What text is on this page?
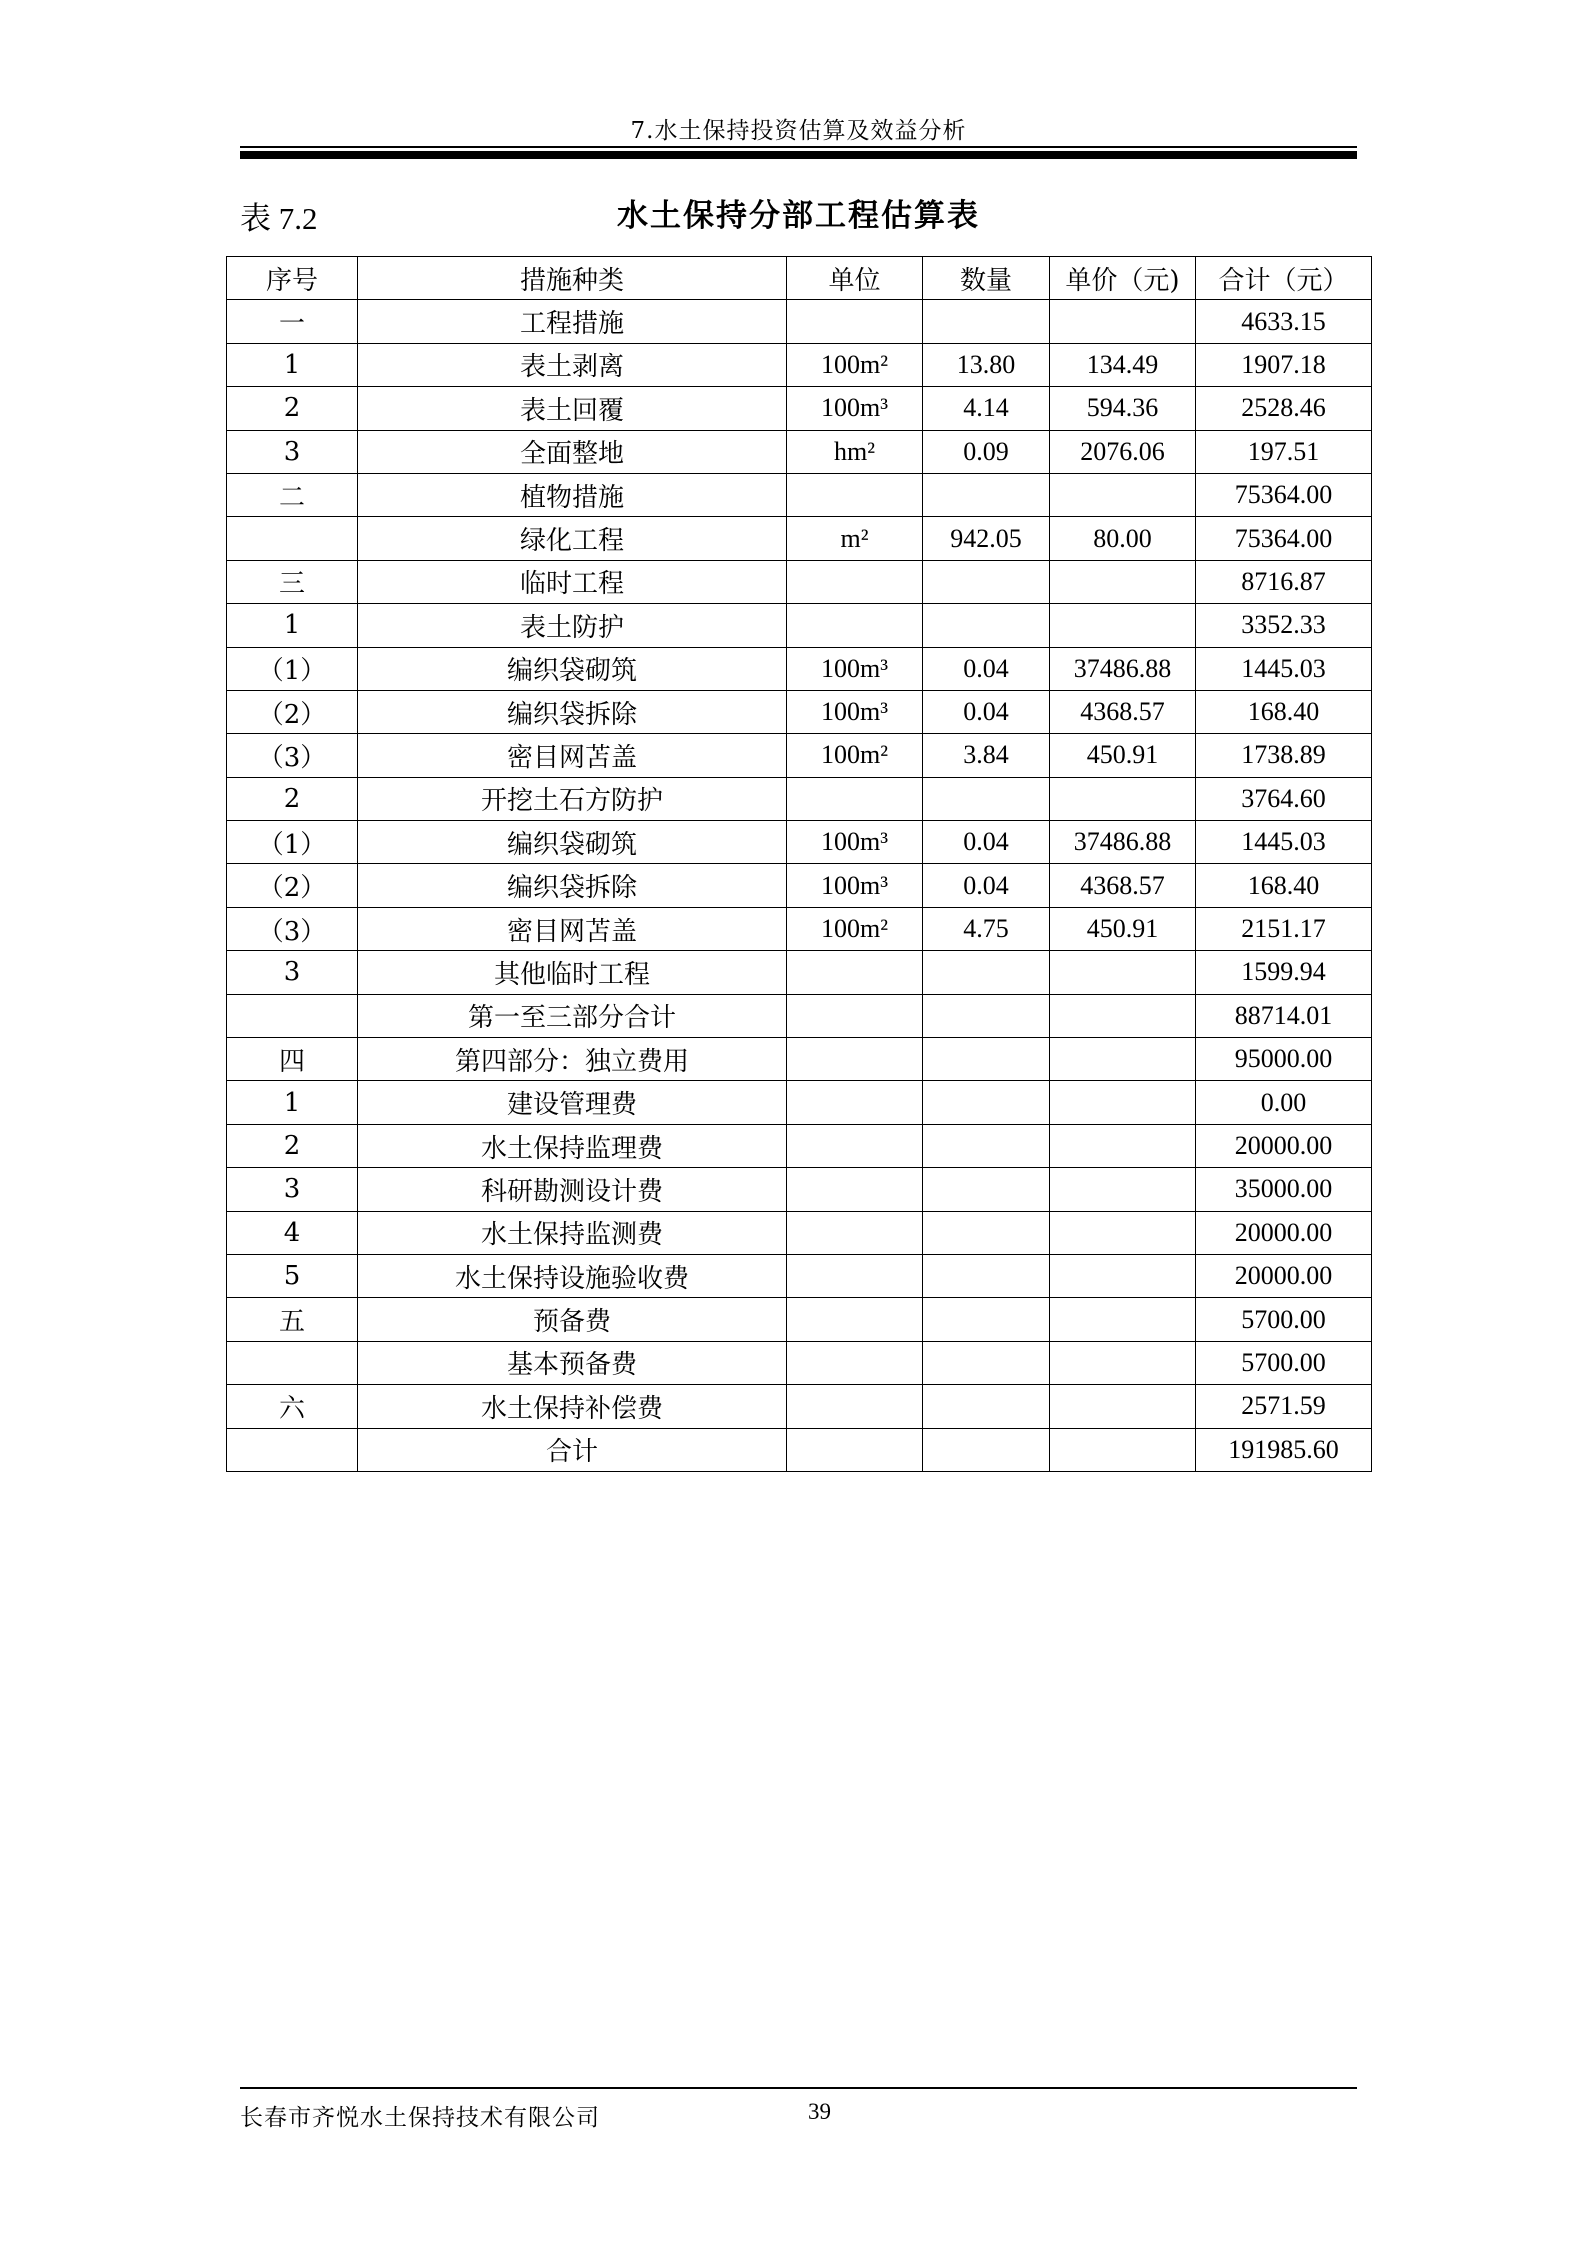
7.水土保持投资估算及效益分析
表 7.2	水土保持分部工程估算表
序号	措施种类	单位	数量	单价（元)	合计（元）
一	工程措施				4633.15
1	表土剥离	100m²	13.80	134.49	1907.18
2	表土回覆	100m³	4.14	594.36	2528.46
3	全面整地	hm²	0.09	2076.06	197.51
二	植物措施				75364.00
	绿化工程	m²	942.05	80.00	75364.00
三	临时工程				8716.87
1	表土防护				3352.33
（1）	编织袋砌筑	100m³	0.04	37486.88	1445.03
（2）	编织袋拆除	100m³	0.04	4368.57	168.40
（3）	密目网苫盖	100m²	3.84	450.91	1738.89
2	开挖土石方防护				3764.60
（1）	编织袋砌筑	100m³	0.04	37486.88	1445.03
（2）	编织袋拆除	100m³	0.04	4368.57	168.40
（3）	密目网苫盖	100m²	4.75	450.91	2151.17
3	其他临时工程				1599.94
	第一至三部分合计				88714.01
四	第四部分：独立费用				95000.00
1	建设管理费				0.00
2	水土保持监理费				20000.00
3	科研勘测设计费				35000.00
4	水土保持监测费				20000.00
5	水土保持设施验收费				20000.00
五	预备费				5700.00
	基本预备费				5700.00
六	水土保持补偿费				2571.59
	合计				191985.60
长春市齐悦水土保持技术有限公司	39
